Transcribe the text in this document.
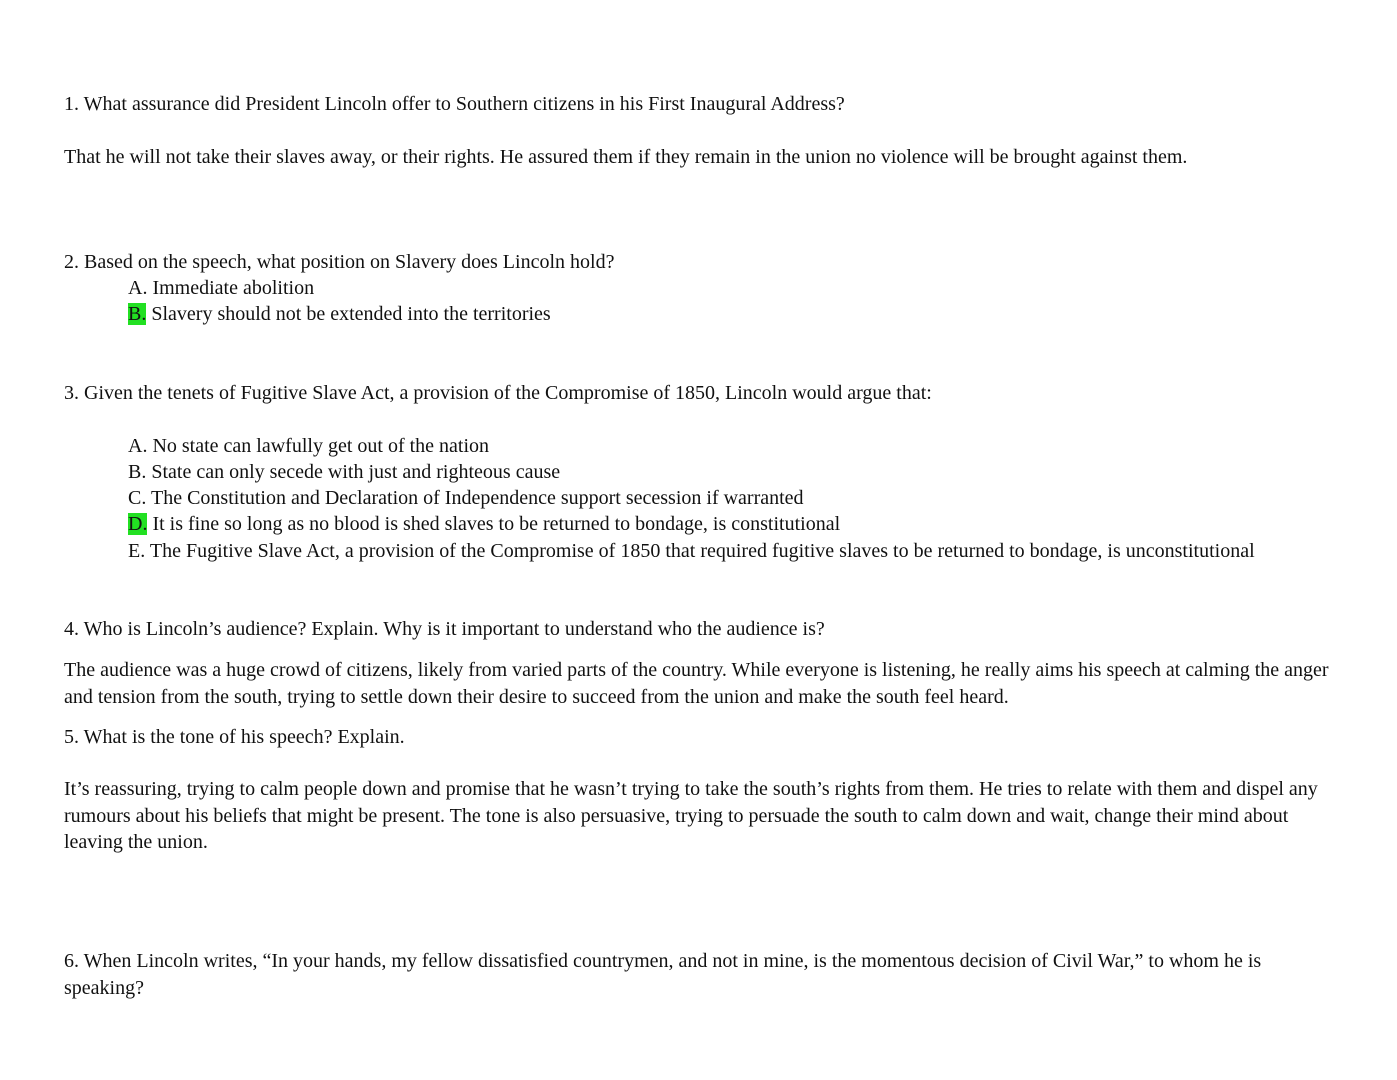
1. What assurance did President Lincoln offer to Southern citizens in his First Inaugural Address?
That he will not take their slaves away, or their rights. He assured them if they remain in the union no violence will be brought against them.
2. Based on the speech, what position on Slavery does Lincoln hold?
A. Immediate abolition
B. Slavery should not be extended into the territories
3. Given the tenets of Fugitive Slave Act, a provision of the Compromise of 1850, Lincoln would argue that:
A. No state can lawfully get out of the nation
B. State can only secede with just and righteous cause
C. The Constitution and Declaration of Independence support secession if warranted
D. It is fine so long as no blood is shed slaves to be returned to bondage, is constitutional
E. The Fugitive Slave Act, a provision of the Compromise of 1850 that required fugitive slaves to be returned to bondage, is unconstitutional
4. Who is Lincoln’s audience? Explain. Why is it important to understand who the audience is?
The audience was a huge crowd of citizens, likely from varied parts of the country. While everyone is listening, he really aims his speech at calming the anger and tension from the south, trying to settle down their desire to succeed from the union and make the south feel heard.
5. What is the tone of his speech? Explain.
It’s reassuring, trying to calm people down and promise that he wasn’t trying to take the south’s rights from them. He tries to relate with them and dispel any rumours about his beliefs that might be present. The tone is also persuasive, trying to persuade the south to calm down and wait, change their mind about leaving the union.
6. When Lincoln writes, “In your hands, my fellow dissatisfied countrymen, and not in mine, is the momentous decision of Civil War,” to whom he is speaking?
